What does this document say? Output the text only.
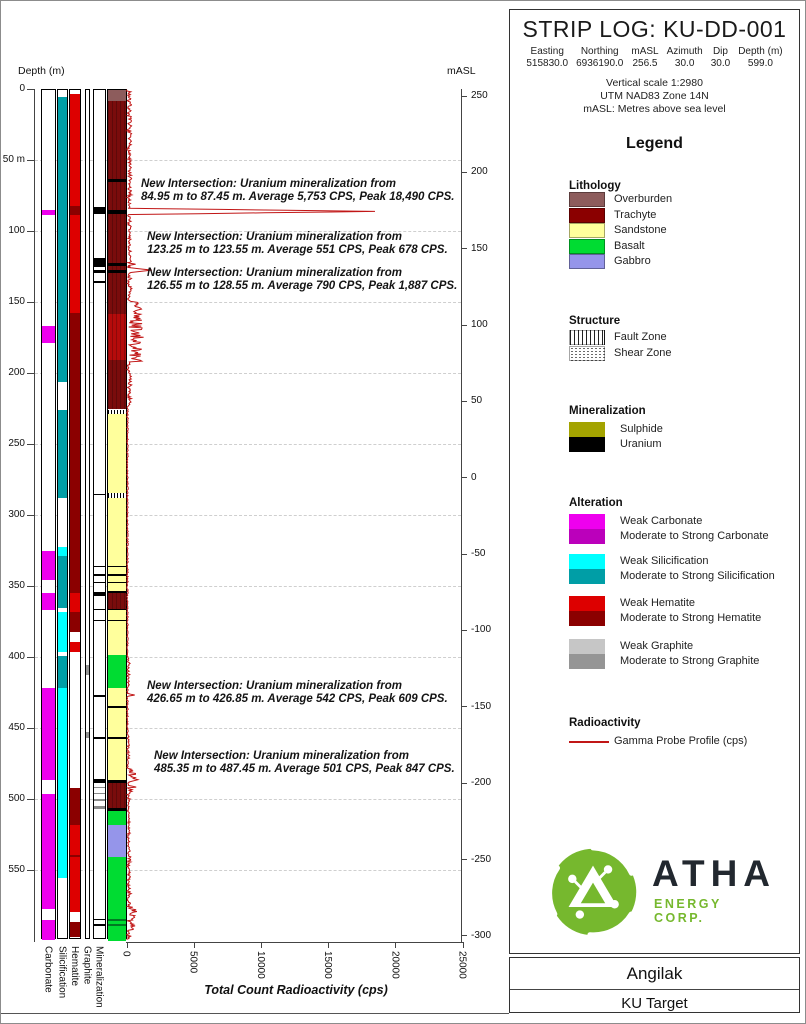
0
50 m
100
150
200
250
300
350
400
450
500
550
250
200
150
100
50
0
-50
-100
-150
-200
-250
-300
0	5000	10000	15000	20000	25000
Carbonate Silicification Hematite Graphite Mineralization
New Intersection: Uranium mineralization from
84.95 m to 87.45 m. Average 5,753 CPS, Peak 18,490 CPS.
New Intersection: Uranium mineralization from
123.25 m to 123.55 m. Average 551 CPS, Peak 678 CPS.
New Intersection: Uranium mineralization from
126.55 m to 128.55 m. Average 790 CPS, Peak 1,887 CPS.
New Intersection: Uranium mineralization from
426.65 m to 426.85 m. Average 542 CPS, Peak 609 CPS.
New Intersection: Uranium mineralization from
485.35 m to 487.45 m. Average 501 CPS, Peak 847 CPS.
Depth (m)	mASL
Total Count Radioactivity (cps)
STRIP LOG: KU-DD-001
Easting
515830.0
Northing
6936190.0
mASL
256.5
Azimuth
30.0
Dip
30.0
Depth (m)
599.0
Vertical scale 1:2980
UTM NAD83 Zone 14N
mASL: Metres above sea level
Legend
Lithology
Overburden
Trachyte
Sandstone
Basalt
Gabbro
Structure
Fault Zone
Shear Zone
Mineralization
Sulphide
Uranium
Alteration
Weak Carbonate
Moderate to Strong Carbonate
Weak Silicification
Moderate to Strong Silicification
Weak Hematite
Moderate to Strong Hematite
Weak Graphite
Moderate to Strong Graphite
Radioactivity
Gamma Probe Profile (cps)
ATHA
ENERGY CORP.
Angilak
KU Target
